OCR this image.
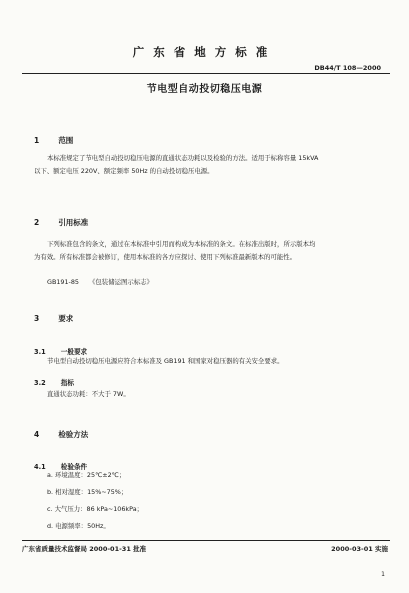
广东省地方标准
DB44/T 108—2000
节电型自动投切稳压电源
1	范围
本标准规定了节电型自动投切稳压电源的直通状态功耗以及检验的方法。适用于标称容量 15kVA
以下、额定电压 220V、额定频率 50Hz 的自动投切稳压电源。
2	引用标准
下列标准包含的条文，通过在本标准中引用而构成为本标准的条文。在标准出版时，所示版本均
为有效。所有标准都会被修订，使用本标准的各方应探讨、使用下列标准最新版本的可能性。
GB191-85 《包装储运图示标志》
3	要求
3.1 一般要求
节电型自动投切稳压电源应符合本标准及 GB191 和国家对稳压器的有关安全要求。
3.2 指标
直通状态功耗：不大于 7W。
4	检验方法
4.1 检验条件
a. 环境温度：25℃±2℃；
b. 相对湿度：15%~75%；
c. 大气压力：86 kPa~106kPa；
d. 电源频率：50Hz。
广东省质量技术监督局 2000-01-31 批准	2000-03-01 实施
1
